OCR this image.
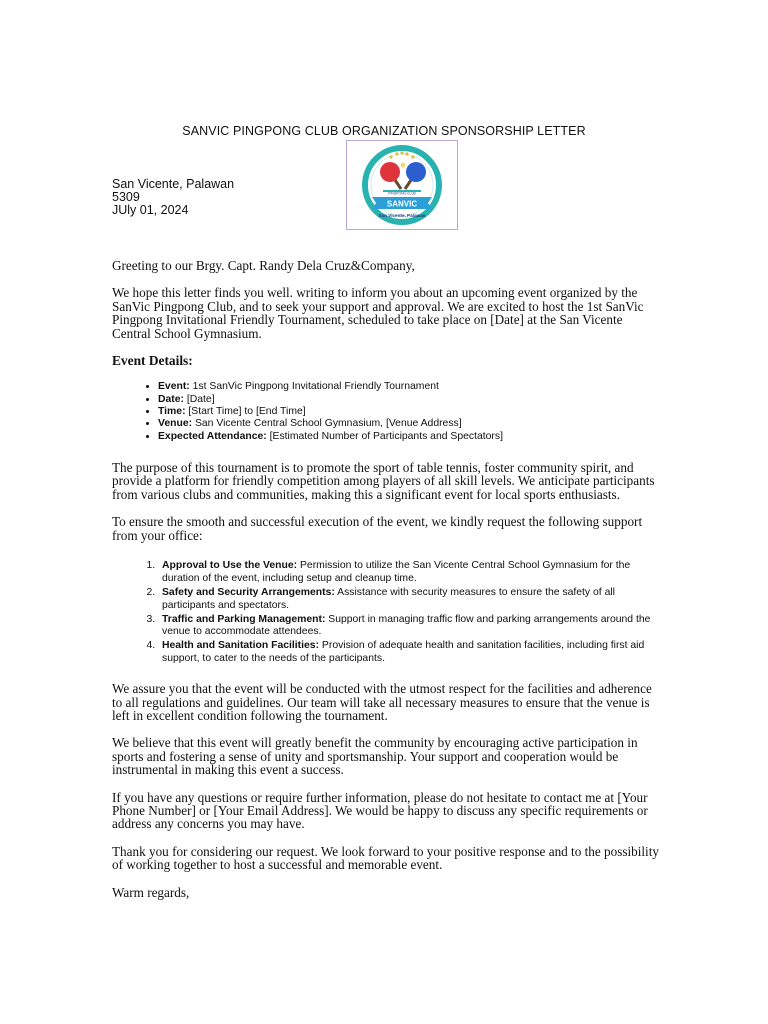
SANVIC PINGPONG CLUB ORGANIZATION SPONSORSHIP LETTER
SANVIC
San Vicente, Palawan
PINGPONG CLUB
San Vicente, Palawan
5309
JUly 01, 2024

Greeting to our Brgy. Capt. Randy Dela Cruz&Company,

We hope this letter finds you well. writing to inform you about an upcoming event organized by the SanVic Pingpong Club, and to seek your support and approval. We are excited to host the 1st SanVic Pingpong Invitational Friendly Tournament, scheduled to take place on [Date] at the San Vicente Central School Gymnasium.

Event Details:

• Event: 1st SanVic Pingpong Invitational Friendly Tournament
• Date: [Date]
• Time: [Start Time] to [End Time]
• Venue: San Vicente Central School Gymnasium, [Venue Address]
• Expected Attendance: [Estimated Number of Participants and Spectators]

The purpose of this tournament is to promote the sport of table tennis, foster community spirit, and provide a platform for friendly competition among players of all skill levels. We anticipate participants from various clubs and communities, making this a significant event for local sports enthusiasts.

To ensure the smooth and successful execution of the event, we kindly request the following support from your office:

1. Approval to Use the Venue: Permission to utilize the San Vicente Central School Gymnasium for the duration of the event, including setup and cleanup time.
2. Safety and Security Arrangements: Assistance with security measures to ensure the safety of all participants and spectators.
3. Traffic and Parking Management: Support in managing traffic flow and parking arrangements around the venue to accommodate attendees.
4. Health and Sanitation Facilities: Provision of adequate health and sanitation facilities, including first aid support, to cater to the needs of the participants.

We assure you that the event will be conducted with the utmost respect for the facilities and adherence to all regulations and guidelines. Our team will take all necessary measures to ensure that the venue is left in excellent condition following the tournament.

We believe that this event will greatly benefit the community by encouraging active participation in sports and fostering a sense of unity and sportsmanship. Your support and cooperation would be instrumental in making this event a success.

If you have any questions or require further information, please do not hesitate to contact me at [Your Phone Number] or [Your Email Address]. We would be happy to discuss any specific requirements or address any concerns you may have.

Thank you for considering our request. We look forward to your positive response and to the possibility of working together to host a successful and memorable event.

Warm regards,
